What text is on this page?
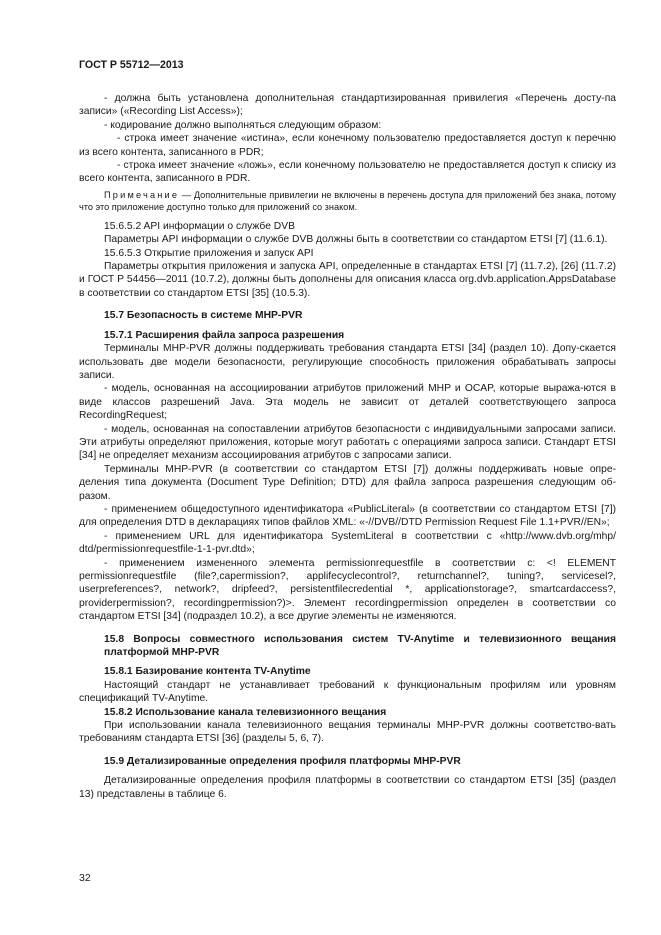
ГОСТ Р 55712—2013

- должна быть установлена дополнительная стандартизированная привилегия «Перечень досту-па записи» («Recording List Access»);

- кодирование должно выполняться следующим образом:

- строка имеет значение «истина», если конечному пользователю предоставляется доступ к перечню из всего контента, записанного в PDR;

- строка имеет значение «ложь», если конечному пользователю не предоставляется доступ к списку из всего контента, записанного в PDR.

Примечание — Дополнительные привилегии не включены в перечень доступа для приложений без знака, потому что это приложение доступно только для приложений со знаком.

15.6.5.2 API информации о службе DVB

Параметры API информации о службе DVB должны быть в соответствии со стандартом ETSI [7] (11.6.1).

15.6.5.3 Открытие приложения и запуск API

Параметры открытия приложения и запуска API, определенные в стандартах ETSI [7] (11.7.2), [26] (11.7.2) и ГОСТ Р 54456—2011 (10.7.2), должны быть дополнены для описания класса org.dvb.application.AppsDatabase в соответствии со стандартом ETSI [35] (10.5.3).

15.7 Безопасность в системе MHP-PVR

15.7.1 Расширения файла запроса разрешения

Терминалы MHP-PVR должны поддерживать требования стандарта ETSI [34] (раздел 10). Допу-скается использовать две модели безопасности, регулирующие способность приложения обрабатывать запросы записи.

- модель, основанная на ассоциировании атрибутов приложений MHP и OCAP, которые выража-ются в виде классов разрешений Java. Эта модель не зависит от деталей соответствующего запроса RecordingRequest;

- модель, основанная на сопоставлении атрибутов безопасности с индивидуальными запросами записи. Эти атрибуты определяют приложения, которые могут работать с операциями запроса записи. Стандарт ETSI [34] не определяет механизм ассоциирования атрибутов с запросами записи.

Терминалы MHP-PVR (в соответствии со стандартом ETSI [7]) должны поддерживать новые опре-деления типа документа (Document Type Definition; DTD) для файла запроса разрешения следующим об-разом.

- применением общедоступного идентификатора «PublicLiteral» (в соответствии со стандартом ETSI [7]) для определения DTD в декларациях типов файлов XML: «-//DVB//DTD Permission Request File 1.1+PVR//EN»;

- применением URL для идентификатора SystemLiteral в соответствии с «http://www.dvb.org/mhp/ dtd/permissionrequestfile-1-1-pvr.dtd»;

- применением измененного элемента permissionrequestfile в соответствии с: <! ELEMENT permissionrequestfile (file?,capermission?, applifecyclecontrol?, returnchannel?, tuning?, servicesel?, userpreferences?, network?, dripfeed?, persistentfilecredential *, applicationstorage?, smartcardaccess?, providerpermission?, recordingpermission?)>. Элемент recordingpermission определен в соответствии со стандартом ETSI [34] (подраздел 10.2), а все другие элементы не изменяются.

15.8 Вопросы совместного использования систем TV-Anytime и телевизионного вещания платформой MHP-PVR

15.8.1 Базирование контента TV-Anytime

Настоящий стандарт не устанавливает требований к функциональным профилям или уровням спецификаций TV-Anytime.

15.8.2 Использование канала телевизионного вещания

При использовании канала телевизионного вещания терминалы MHP-PVR должны соответство-вать требованиям стандарта ETSI [36] (разделы 5, 6, 7).

15.9 Детализированные определения профиля платформы MHP-PVR

Детализированные определения профиля платформы в соответствии со стандартом ETSI [35] (раздел 13) представлены в таблице 6.

32
